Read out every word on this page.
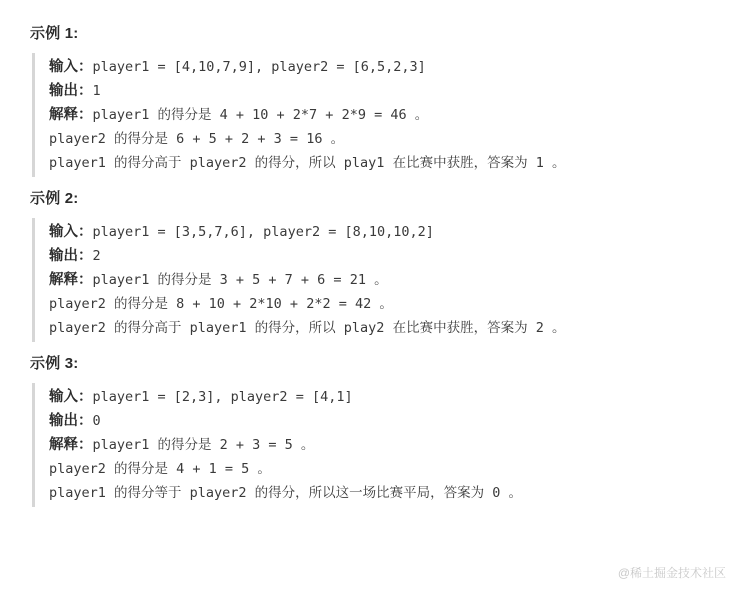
示例 1:
输入：player1 = [4,10,7,9], player2 = [6,5,2,3]
输出：1
解释：player1 的得分是 4 + 10 + 2*7 + 2*9 = 46 。
player2 的得分是 6 + 5 + 2 + 3 = 16 。
player1 的得分高于 player2 的得分，所以 play1 在比赛中获胜，答案为 1 。
示例 2:
输入：player1 = [3,5,7,6], player2 = [8,10,10,2]
输出：2
解释：player1 的得分是 3 + 5 + 7 + 6 = 21 。
player2 的得分是 8 + 10 + 2*10 + 2*2 = 42 。
player2 的得分高于 player1 的得分，所以 play2 在比赛中获胜，答案为 2 。
示例 3:
输入：player1 = [2,3], player2 = [4,1]
输出：0
解释：player1 的得分是 2 + 3 = 5 。
player2 的得分是 4 + 1 = 5 。
player1 的得分等于 player2 的得分，所以这一场比赛平局，答案为 0 。
@稀土掘金技术社区
